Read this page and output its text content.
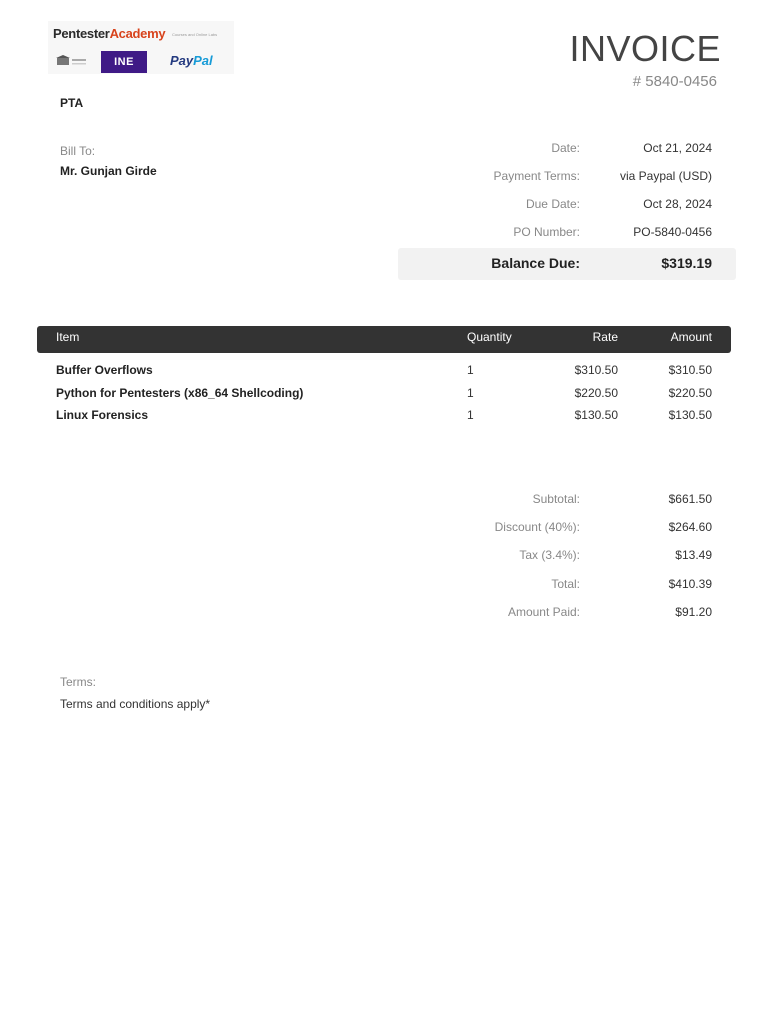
PentesterAcademy Courses and Online Labs
INE	PayPal
PTA
INVOICE
# 5840-0456
Bill To:
Mr. Gunjan Girde
Date:	Oct 21, 2024
Payment Terms:	via Paypal (USD)
Due Date:	Oct 28, 2024
PO Number:	PO-5840-0456
Balance Due:	$319.19
Item	Quantity	Rate	Amount
Buffer Overflows	1	$310.50	$310.50
Python for Pentesters (x86_64 Shellcoding)	1	$220.50	$220.50
Linux Forensics	1	$130.50	$130.50
Subtotal:	$661.50
Discount (40%):	$264.60
Tax (3.4%):	$13.49
Total:	$410.39
Amount Paid:	$91.20
Terms:
Terms and conditions apply*
